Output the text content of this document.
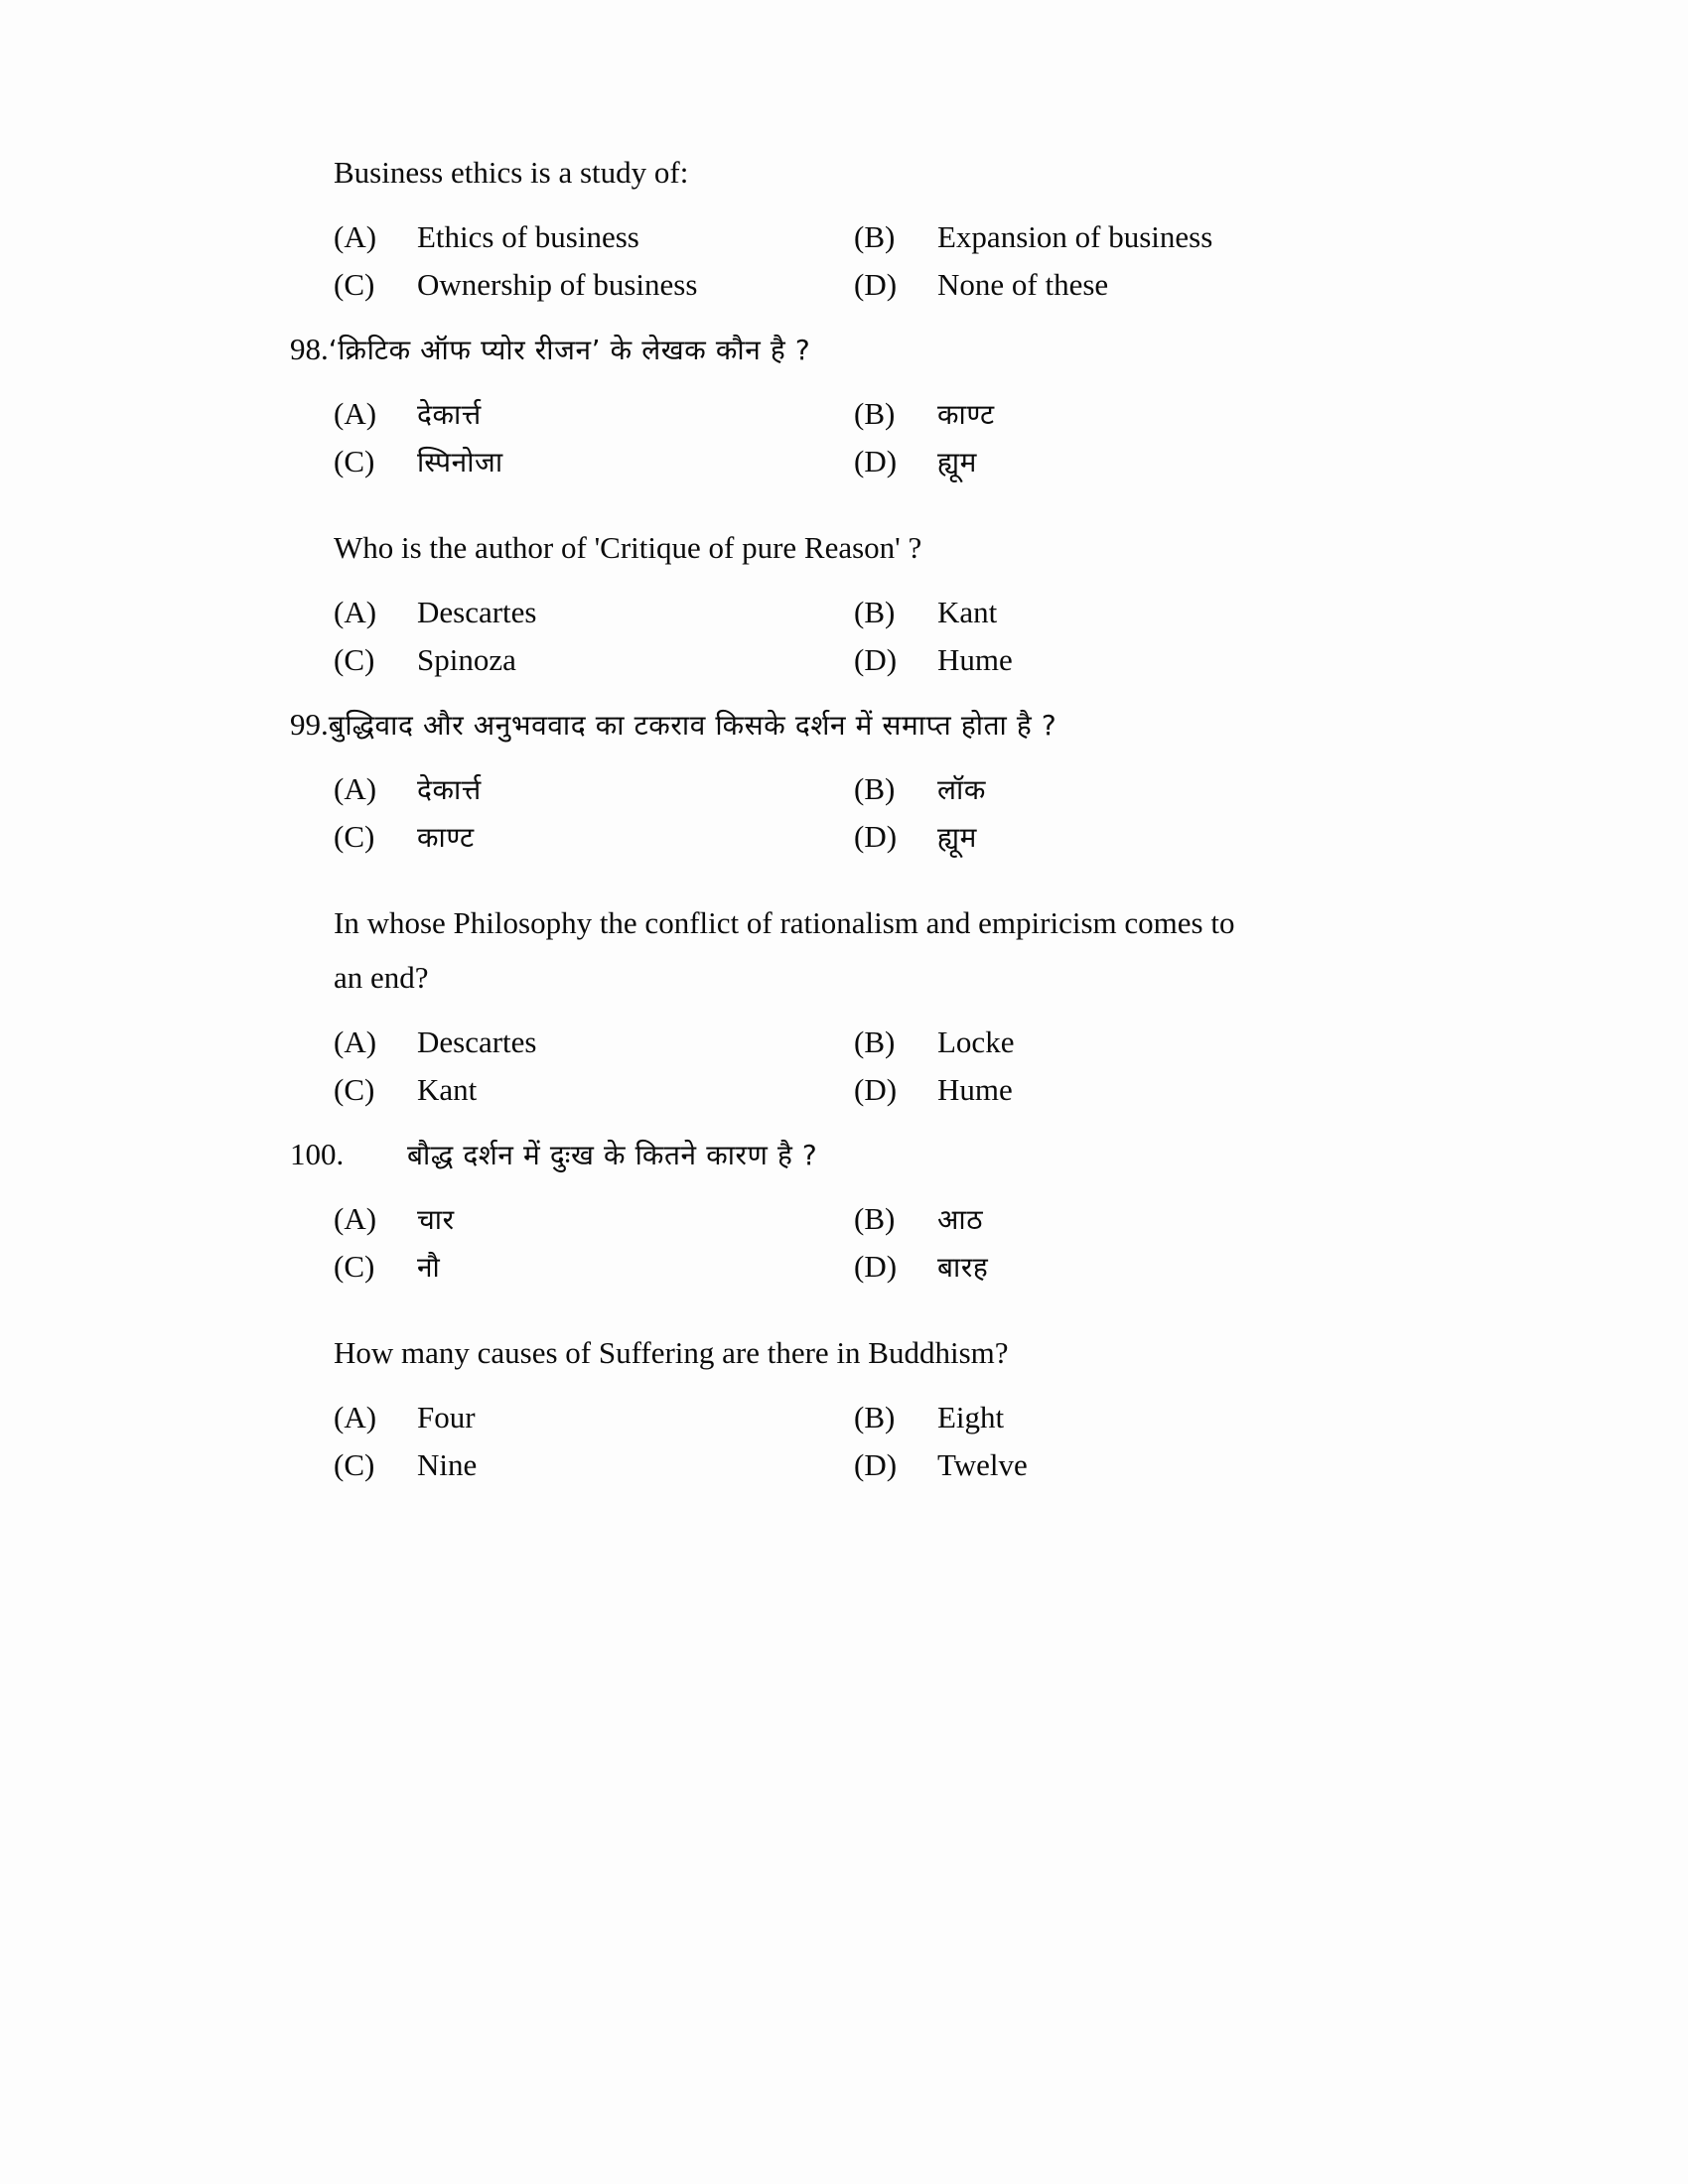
Business ethics is a study of:
(A)	Ethics of business	(B)	Expansion of business
(C)	Ownership of business	(D)	None of these
98. ‘क्रिटिक ऑफ प्योर रीजन’ के लेखक कौन है ?
(A)	देकार्त्त	(B)	काण्ट
(C)	स्पिनोजा	(D)	ह्यूम
Who is the author of 'Critique of pure Reason' ?
(A)	Descartes	(B)	Kant
(C)	Spinoza	(D)	Hume
99. बुद्धिवाद और अनुभववाद का टकराव किसके दर्शन में समाप्त होता है ?
(A)	देकार्त्त	(B)	लॉक
(C)	काण्ट	(D)	ह्यूम
In whose Philosophy the conflict of rationalism and empiricism comes to
an end?
(A)	Descartes	(B)	Locke
(C)	Kant	(D)	Hume
100.	बौद्ध दर्शन में दुःख के कितने कारण है ?
(A)	चार	(B)	आठ
(C)	नौ	(D)	बारह
How many causes of Suffering are there in Buddhism?
(A)	Four	(B)	Eight
(C)	Nine	(D)	Twelve
